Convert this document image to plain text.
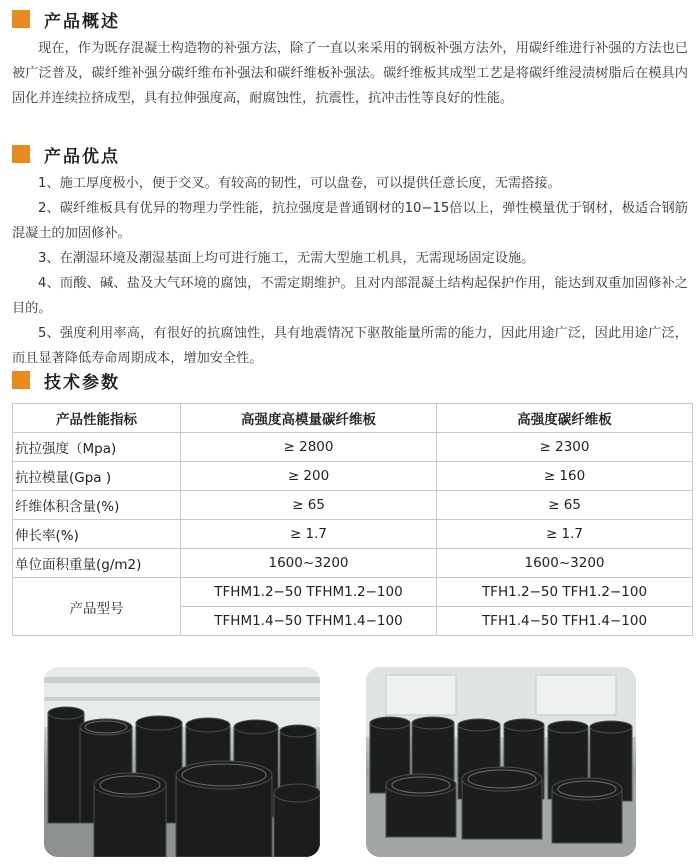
产品概述

现在，作为既存混凝土构造物的补强方法，除了一直以来采用的钢板补强方法外，用碳纤维进行补强的方法也已被广泛普及，碳纤维补强分碳纤维布补强法和碳纤维板补强法。碳纤维板其成型工艺是将碳纤维浸渍树脂后在模具内固化并连续拉挤成型，具有拉伸强度高，耐腐蚀性，抗震性，抗冲击性等良好的性能。

产品优点

1、施工厚度极小，便于交叉。有较高的韧性，可以盘卷，可以提供任意长度，无需搭接。

2、碳纤维板具有优异的物理力学性能，抗拉强度是普通钢材的10−15倍以上，弹性模量优于钢材，极适合钢筋混凝土的加固修补。

3、在潮湿环境及潮湿基面上均可进行施工，无需大型施工机具，无需现场固定设施。

4、而酸、碱、盐及大气环境的腐蚀，不需定期维护。且对内部混凝土结构起保护作用，能达到双重加固修补之目的。

5、强度利用率高，有很好的抗腐蚀性，具有地震情况下驱散能量所需的能力，因此用途广泛，因此用途广泛，而且显著降低寿命周期成本，增加安全性。

技术参数
产品性能指标	高强度高模量碳纤维板	高强度碳纤维板
抗拉强度（Mpa)	≥ 2800	≥ 2300
抗拉模量(Gpa )	≥ 200	≥ 160
纤维体积含量(%)	≥ 65	≥ 65
伸长率(%)	≥ 1.7	≥ 1.7
单位面积重量(g/m2)	1600~3200	1600~3200
产品型号	TFHM1.2−50 TFHM1.2−100	TFH1.2−50 TFH1.2−100
	TFHM1.4−50 TFHM1.4−100	TFH1.4−50 TFH1.4−100
